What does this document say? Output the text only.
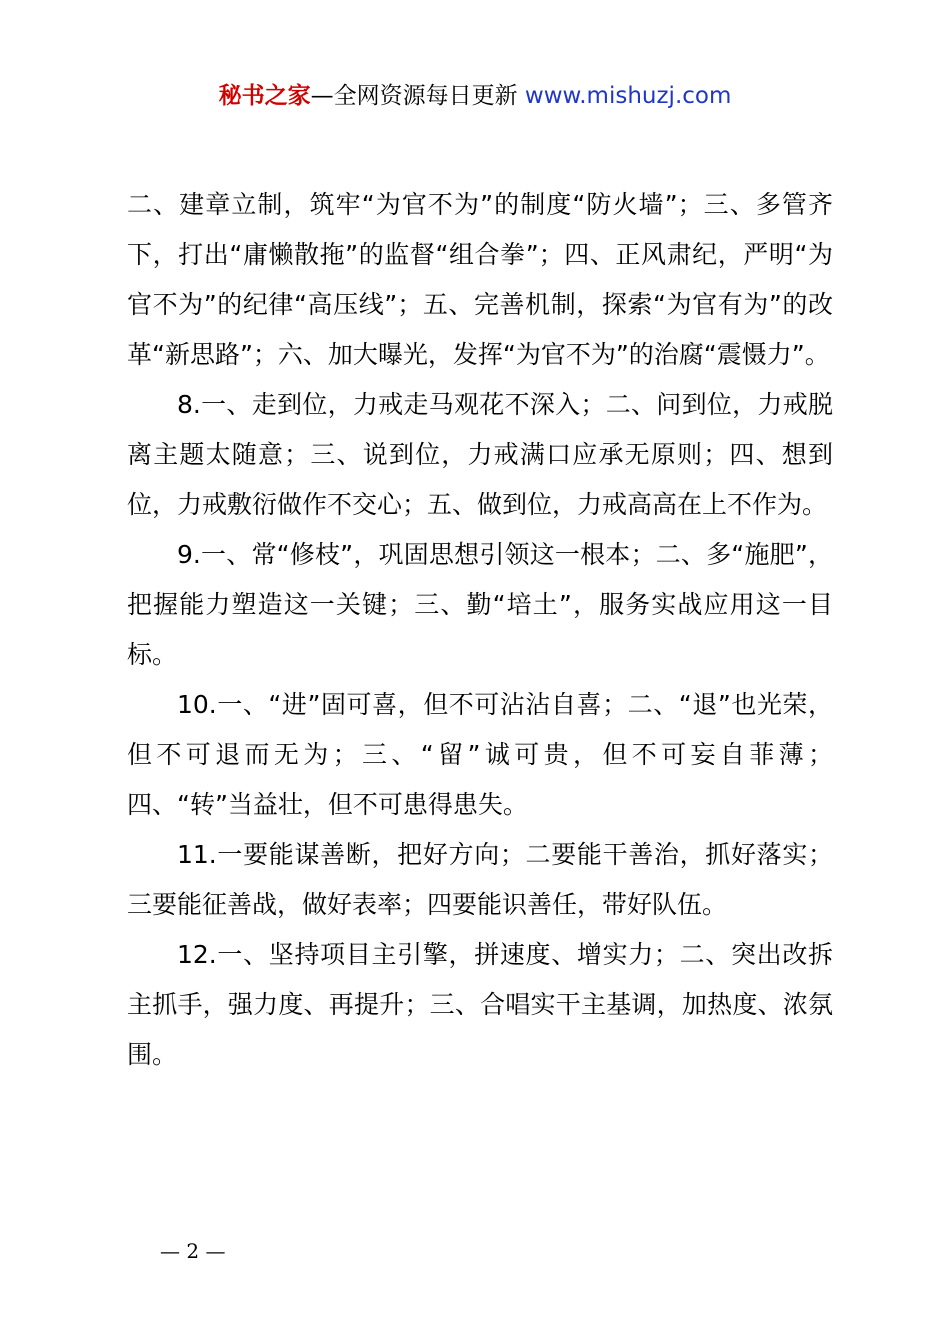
秘书之家—全网资源每日更新 www.mishuzj.com

二、建章立制，筑牢“为官不为”的制度“防火墙”；三、多管齐下，打出“庸懒散拖”的监督“组合拳”；四、正风肃纪，严明“为官不为”的纪律“高压线”；五、完善机制，探索“为官有为”的改革“新思路”；六、加大曝光，发挥“为官不为”的治腐“震慑力”。

8.一、走到位，力戒走马观花不深入；二、问到位，力戒脱离主题太随意；三、说到位，力戒满口应承无原则；四、想到位，力戒敷衍做作不交心；五、做到位，力戒高高在上不作为。

9.一、常“修枝”，巩固思想引领这一根本；二、多“施肥”，把握能力塑造这一关键；三、勤“培土”，服务实战应用这一目标。

10.一、“进”固可喜，但不可沾沾自喜；二、“退”也光荣，但不可退而无为；三、“留”诚可贵，但不可妄自菲薄；四、“转”当益壮，但不可患得患失。

11.一要能谋善断，把好方向；二要能干善治，抓好落实；三要能征善战，做好表率；四要能识善任，带好队伍。

12.一、坚持项目主引擎，拼速度、增实力；二、突出改拆主抓手，强力度、再提升；三、合唱实干主基调，加热度、浓氛围。

— 2 —
